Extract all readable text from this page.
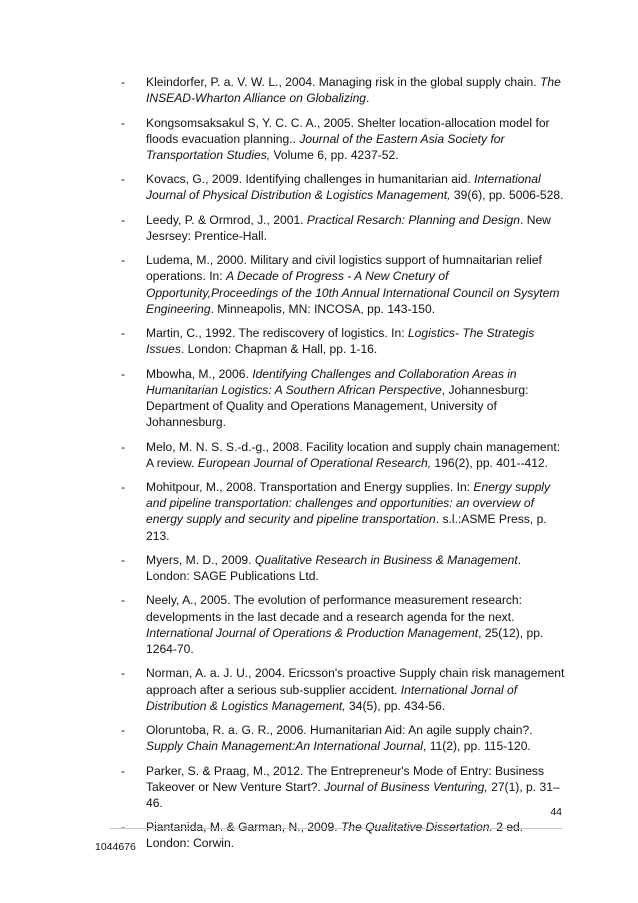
- Kleindorfer, P. a. V. W. L., 2004. Managing risk in the global supply chain. The INSEAD-Wharton Alliance on Globalizing.
- Kongsomsaksakul S, Y. C. C. A., 2005. Shelter location-allocation model for floods evacuation planning.. Journal of the Eastern Asia Society for Transportation Studies, Volume 6, pp. 4237-52.
- Kovacs, G., 2009. Identifying challenges in humanitarian aid. International Journal of Physical Distribution & Logistics Management, 39(6), pp. 5006-528.
- Leedy, P. & Ormrod, J., 2001. Practical Resarch: Planning and Design. New Jesrsey: Prentice-Hall.
- Ludema, M., 2000. Military and civil logistics support of humnaitarian relief operations. In: A Decade of Progress - A New Cnetury of Opportunity,Proceedings of the 10th Annual International Council on Sysytem Engineering. Minneapolis, MN: INCOSA, pp. 143-150.
- Martin, C., 1992. The rediscovery of logistics. In: Logistics- The Strategis Issues. London: Chapman & Hall, pp. 1-16.
- Mbowha, M., 2006. Identifying Challenges and Collaboration Areas in Humanitarian Logistics: A Southern African Perspective, Johannesburg: Department of Quality and Operations Management, University of Johannesburg.
- Melo, M. N. S. S.-d.-g., 2008. Facility location and supply chain management: A review. European Journal of Operational Research, 196(2), pp. 401--412.
- Mohitpour, M., 2008. Transportation and Energy supplies. In: Energy supply and pipeline transportation: challenges and opportunities: an overview of energy supply and security and pipeline transportation. s.l.:ASME Press, p. 213.
- Myers, M. D., 2009. Qualitative Research in Business & Management. London: SAGE Publications Ltd.
- Neely, A., 2005. The evolution of performance measurement research: developments in the last decade and a research agenda for the next. International Journal of Operations & Production Management, 25(12), pp. 1264-70.
- Norman, A. a. J. U., 2004. Ericsson's proactive Supply chain risk management approach after a serious sub-supplier accident. International Jornal of Distribution & Logistics Management, 34(5), pp. 434-56.
- Oloruntoba, R. a. G. R., 2006. Humanitarian Aid: An agile supply chain?. Supply Chain Management:An International Journal, 11(2), pp. 115-120.
- Parker, S. & Praag, M., 2012. The Entrepreneur's Mode of Entry: Business Takeover or New Venture Start?. Journal of Business Venturing, 27(1), p. 31–46.
- Piantanida, M. & Garman, N., 2009. The Qualitative Dissertation. 2 ed. London: Corwin.
44
1044676
